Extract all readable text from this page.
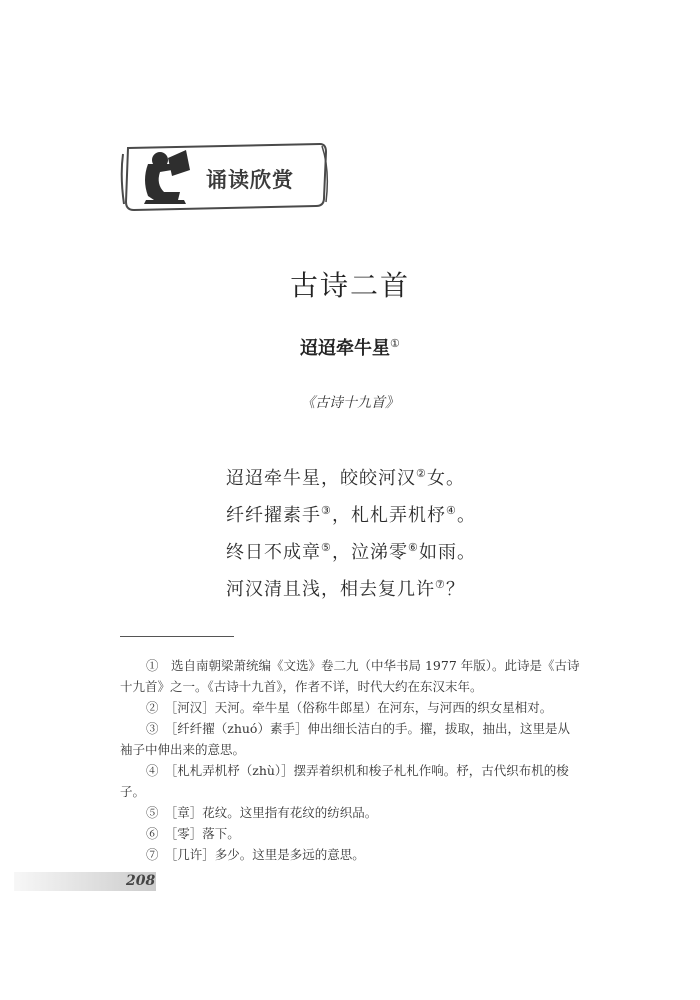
诵读欣赏
古诗二首
迢迢牵牛星①
《古诗十九首》
迢迢牵牛星，皎皎河汉②女。
纤纤擢素手③，札札弄机杼④。
终日不成章⑤，泣涕零⑥如雨。
河汉清且浅，相去复几许⑦？
①　选自南朝梁萧统编《文选》卷二九（中华书局 1977 年版）。此诗是《古诗十九首》之一。《古诗十九首》，作者不详，时代大约在东汉末年。
②　［河汉］天河。牵牛星（俗称牛郎星）在河东，与河西的织女星相对。
③　［纤纤擢（zhuó）素手］伸出细长洁白的手。擢，拔取，抽出，这里是从袖子中伸出来的意思。
④　［札札弄机杼（zhù）］摆弄着织机和梭子札札作响。杼，古代织布机的梭子。
⑤　［章］花纹。这里指有花纹的纺织品。
⑥　［零］落下。
⑦　［几许］多少。这里是多远的意思。
208
